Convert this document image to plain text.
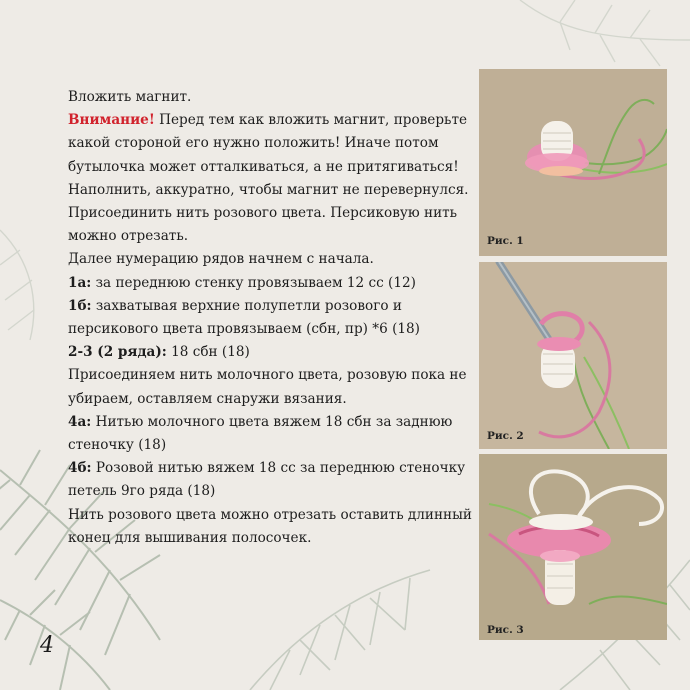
Вложить магнит.

Внимание! Перед тем как вложить магнит, проверьте какой стороной его нужно положить! Иначе потом бутылочка может отталкиваться, а не притягиваться!

Наполнить, аккуратно, чтобы магнит не перевернулся.

Присоединить нить розового цвета. Персиковую нить можно отрезать.

Далее нумерацию рядов начнем с начала.

1а: за переднюю стенку провязываем 12 сс (12)

1б: захватывая верхние полупетли розового и персикового цвета провязываем (сбн, пр) *6 (18)

2-3 (2 ряда): 18 сбн (18)

Присоединяем нить молочного цвета, розовую пока не убираем, оставляем снаружи вязания.

4а: Нитью молочного цвета вяжем 18 сбн за заднюю стеночку (18)

4б: Розовой нитью вяжем 18 сс за переднюю стеночку петель 9го ряда (18)

Нить розового цвета можно отрезать оставить длинный конец для вышивания полосочек.

Рис. 1
Рис. 2
Рис. 3
4
